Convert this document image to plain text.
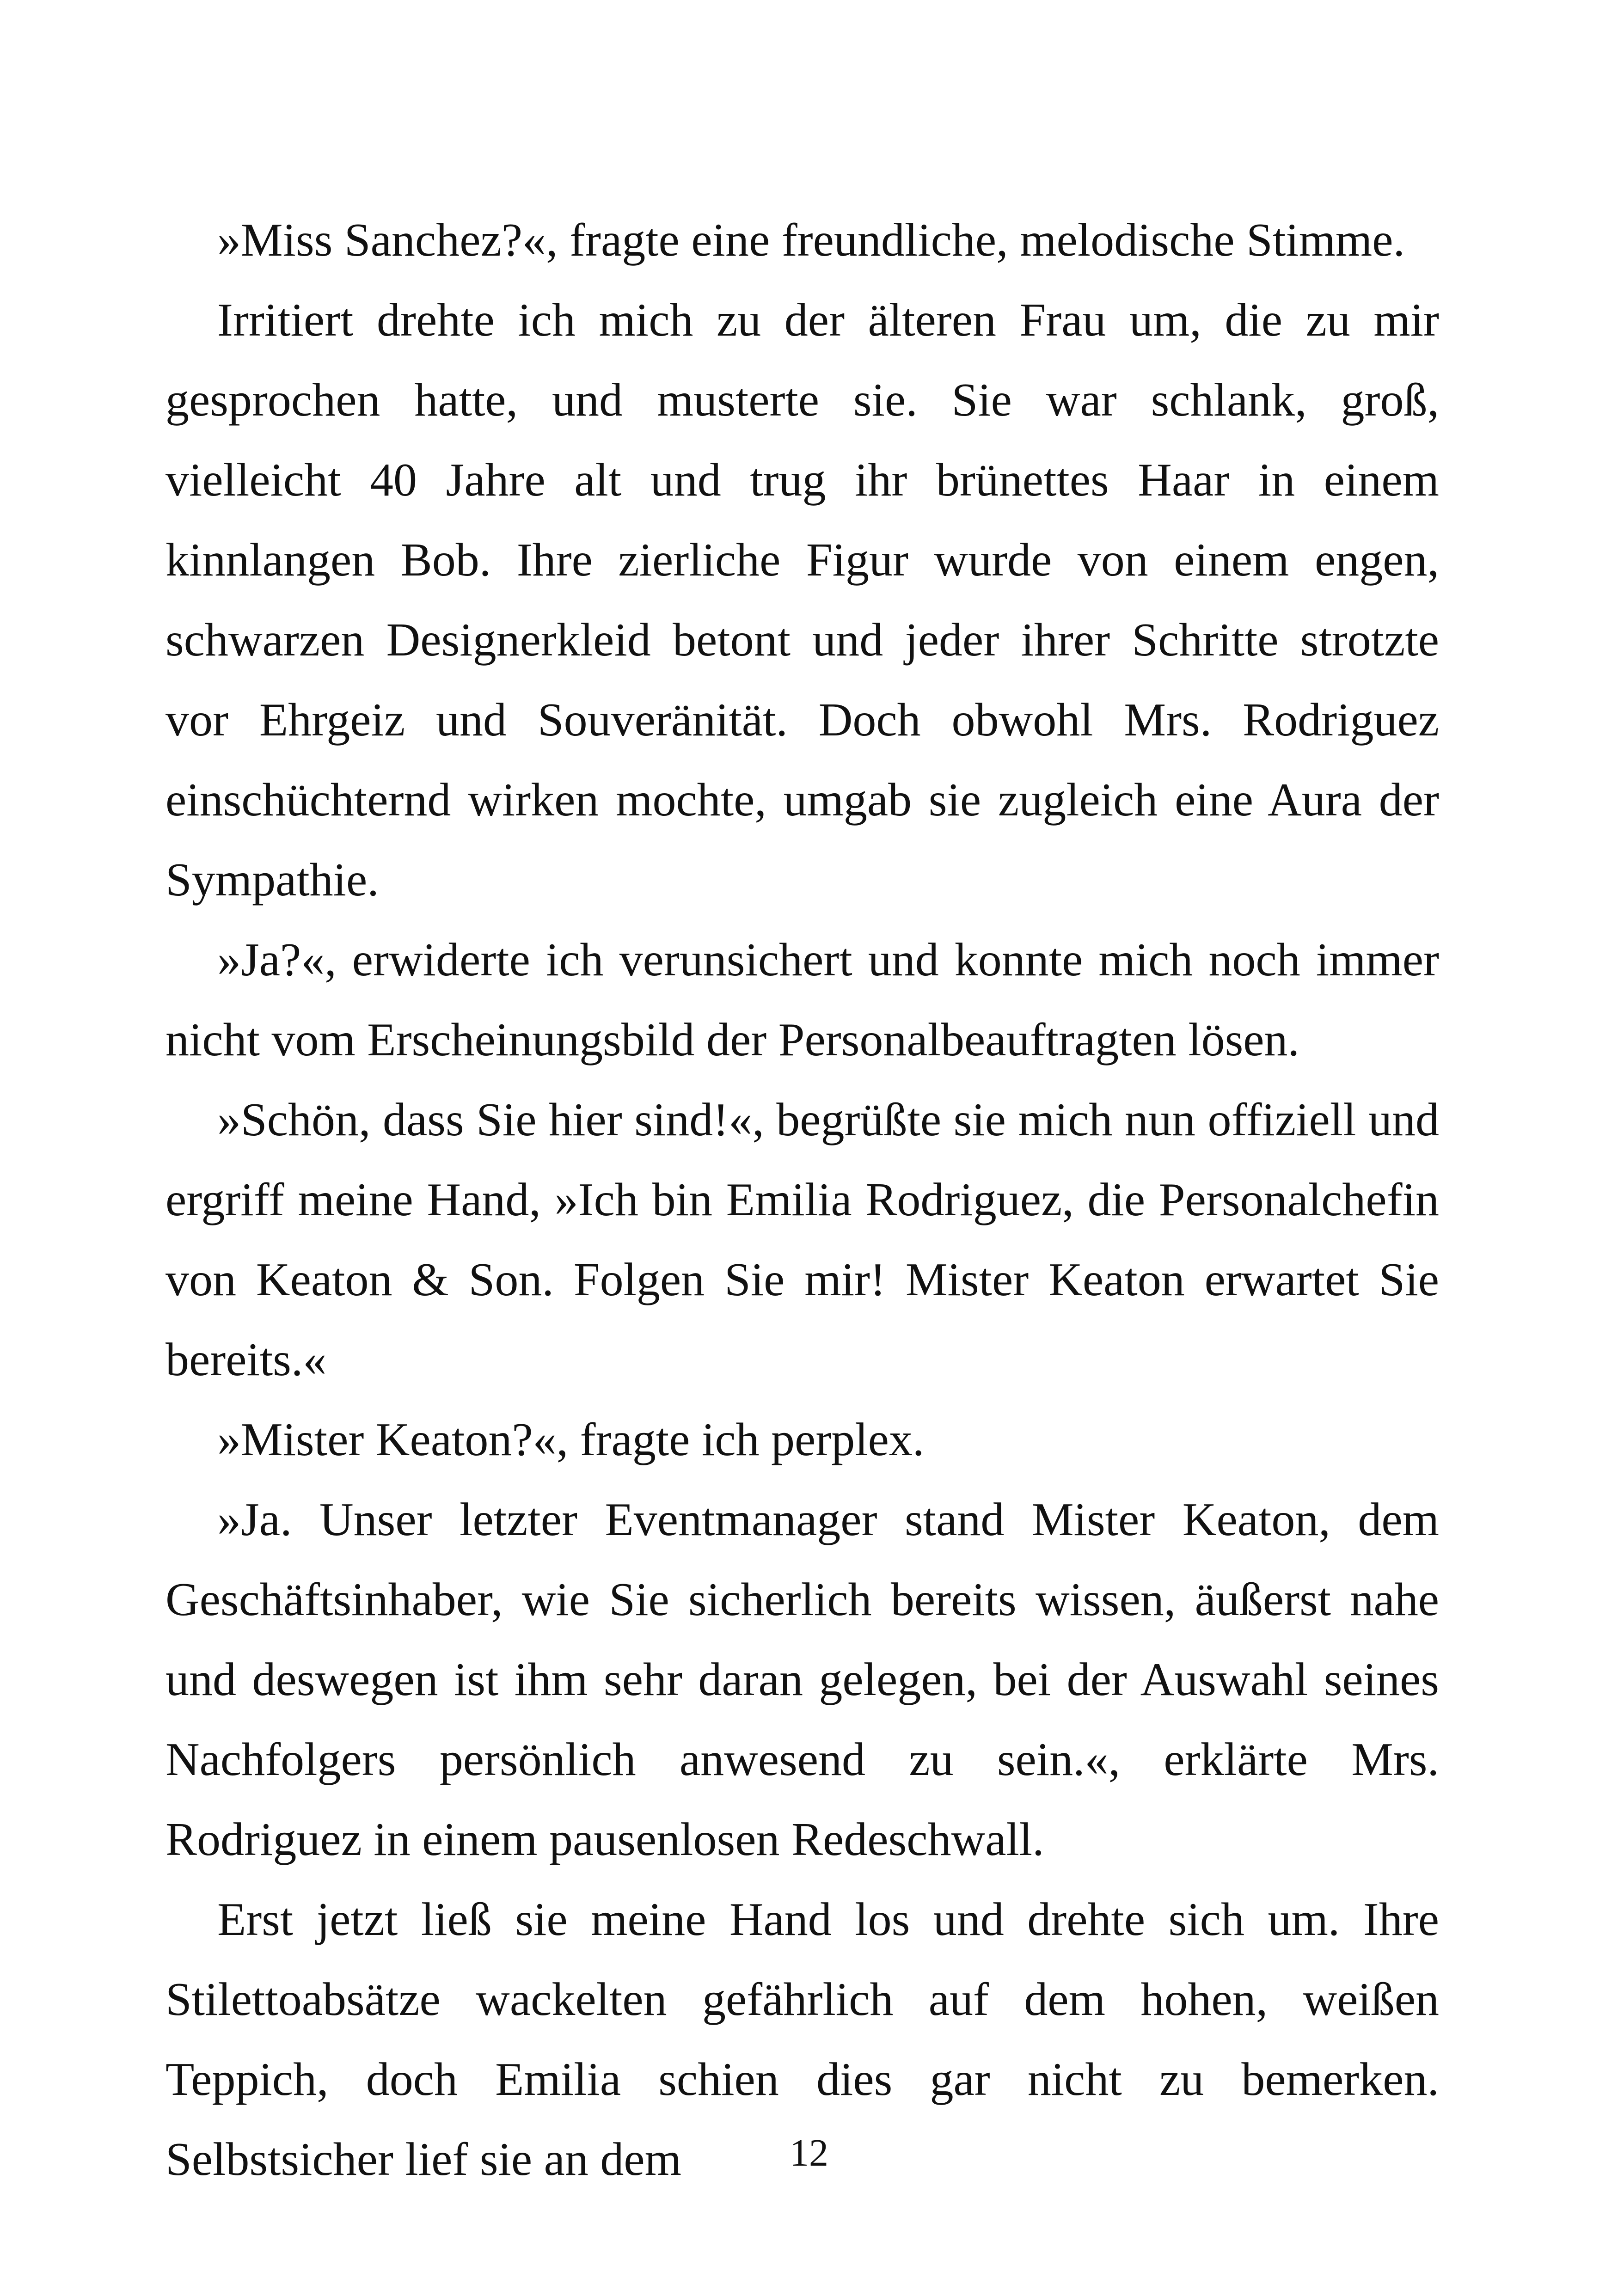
»Miss Sanchez?«, fragte eine freundliche, melodische Stimme.

Irritiert drehte ich mich zu der älteren Frau um, die zu mir gesprochen hatte, und musterte sie. Sie war schlank, groß, vielleicht 40 Jahre alt und trug ihr brünettes Haar in einem kinnlangen Bob. Ihre zierliche Figur wurde von einem engen, schwarzen Designerkleid betont und jeder ihrer Schritte strotzte vor Ehrgeiz und Souveränität. Doch obwohl Mrs. Rodriguez einschüchternd wirken mochte, umgab sie zugleich eine Aura der Sympathie.

»Ja?«, erwiderte ich verunsichert und konnte mich noch immer nicht vom Erscheinungsbild der Personalbeauftragten lösen.

»Schön, dass Sie hier sind!«, begrüßte sie mich nun offiziell und ergriff meine Hand, »Ich bin Emilia Rodriguez, die Personalchefin von Keaton & Son. Folgen Sie mir! Mister Keaton erwartet Sie bereits.«

»Mister Keaton?«, fragte ich perplex.

»Ja. Unser letzter Eventmanager stand Mister Keaton, dem Geschäftsinhaber, wie Sie sicherlich bereits wissen, äußerst nahe und deswegen ist ihm sehr daran gelegen, bei der Auswahl seines Nachfolgers persönlich anwesend zu sein.«, erklärte Mrs. Rodriguez in einem pausenlosen Redeschwall.

Erst jetzt ließ sie meine Hand los und drehte sich um. Ihre Stilettoabsätze wackelten gefährlich auf dem hohen, weißen Teppich, doch Emilia schien dies gar nicht zu bemerken. Selbstsicher lief sie an dem	12
